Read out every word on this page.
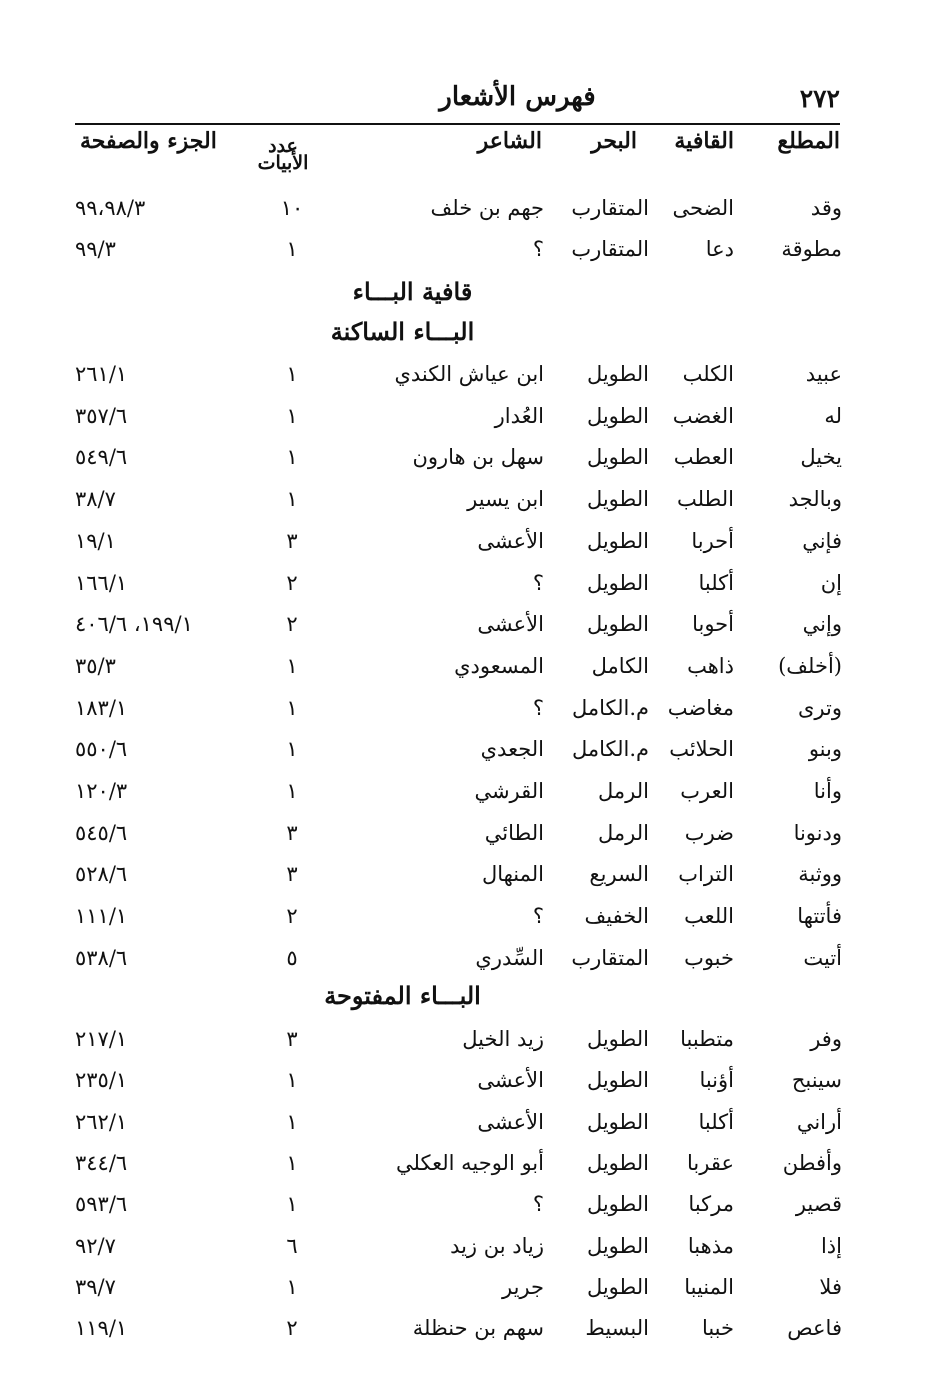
٢٧٢
فهرس الأشعار
المطلع
القافية
البحر
الشاعر
عدد
الأبيات
الجزء والصفحة
وقد
الضحى
المتقارب
جهم بن خلف
١٠
٩٩،٩٨/٣
مطوقة
دعا
المتقارب
؟
١
٩٩/٣
قافية البـــاء
البـــاء الساكنة
عبيد
الكلب
الطويل
ابن عياش الكندي
١
٢٦١/١
له
الغضب
الطويل
العُدار
١
٣٥٧/٦
يخيل
العطب
الطويل
سهل بن هارون
١
٥٤٩/٦
وبالجد
الطلب
الطويل
ابن يسير
١
٣٨/٧
فإني
أحربا
الطويل
الأعشى
٣
١٩/١
إن
أكلبا
الطويل
؟
٢
١٦٦/١
وإني
أحوبا
الطويل
الأعشى
٢
١٩٩/١، ٤٠٦/٦
(أخلف)
ذاهب
الكامل
المسعودي
١
٣٥/٣
وترى
مغاضب
م.الكامل
؟
١
١٨٣/١
وبنو
الحلائب
م.الكامل
الجعدي
١
٥٥٠/٦
وأنا
العرب
الرمل
القرشي
١
١٢٠/٣
ودنونا
ضرب
الرمل
الطائي
٣
٥٤٥/٦
ووثبة
التراب
السريع
المنهال
٣
٥٢٨/٦
فأتتها
اللعب
الخفيف
؟
٢
١١١/١
أتيت
خبوب
المتقارب
السِّدري
٥
٥٣٨/٦
البـــاء المفتوحة
وفر
متطببا
الطويل
زيد الخيل
٣
٢١٧/١
سينبح
أؤنبا
الطويل
الأعشى
١
٢٣٥/١
أراني
أكلبا
الطويل
الأعشى
١
٢٦٢/١
وأفطن
عقربا
الطويل
أبو الوجيه العكلي
١
٣٤٤/٦
قصير
مركبا
الطويل
؟
١
٥٩٣/٦
إذا
مذهبا
الطويل
زياد بن زيد
٦
٩٢/٧
فلا
المنيبا
الطويل
جرير
١
٣٩/٧
فاعص
خببا
البسيط
سهم بن حنظلة
٢
١١٩/١
